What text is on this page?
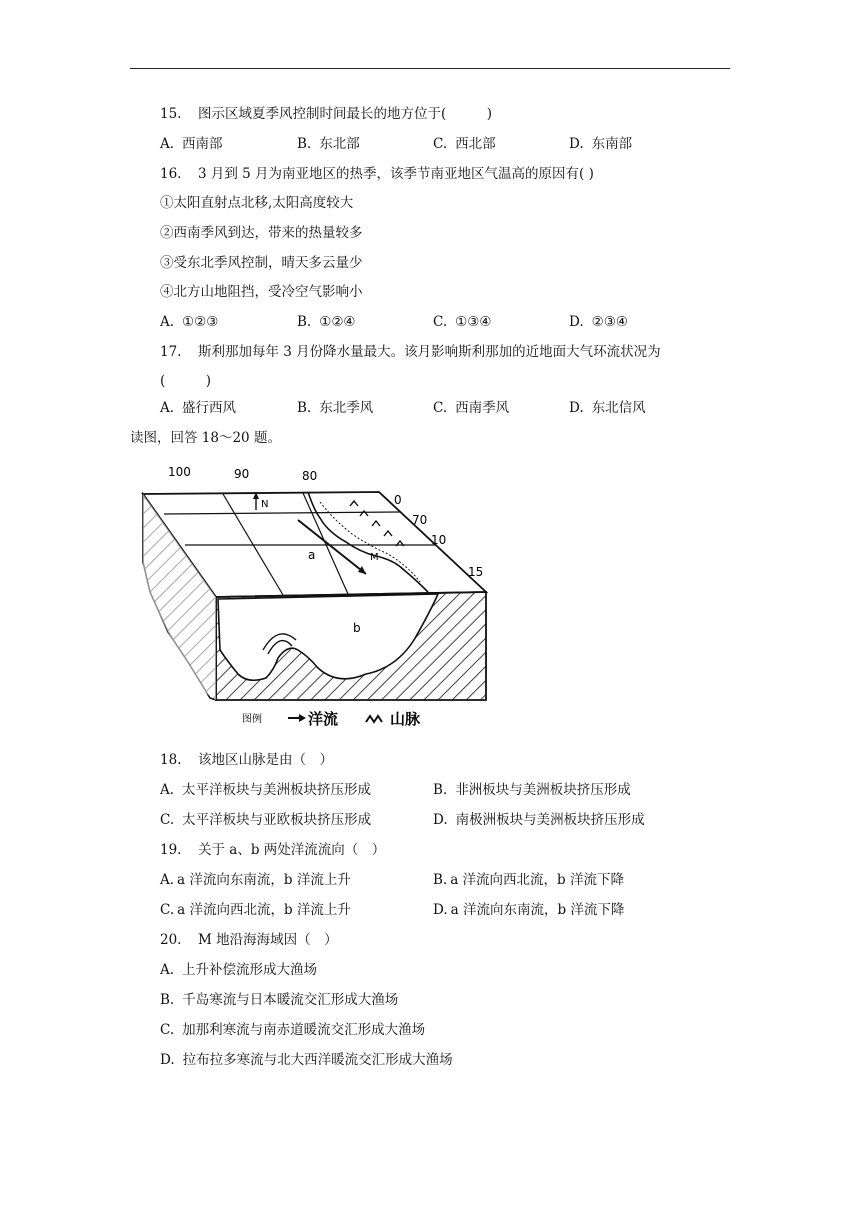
15. 图示区域夏季风控制时间最长的地方位于(　　　)
A. 西南部	B. 东北部	C. 西北部	D. 东南部
16. 3 月到 5 月为南亚地区的热季，该季节南亚地区气温高的原因有( )
①太阳直射点北移,太阳高度较大
②西南季风到达，带来的热量较多
③受东北季风控制，晴天多云量少
④北方山地阻挡，受冷空气影响小
A. ①②③	B. ①②④	C. ①③④	D. ②③④
17. 斯利那加每年 3 月份降水量最大。该月影响斯利那加的近地面大气环流状况为
(　　　)
A. 盛行西风	B. 东北季风	C. 西南季风	D. 东北信风
读图，回答 18～20 题。
N
100	90	80
0
70
10
15
a
b
M
图例	洋流	山脉
18. 该地区山脉是由（　）
A. 太平洋板块与美洲板块挤压形成	B. 非洲板块与美洲板块挤压形成
C. 太平洋板块与亚欧板块挤压形成	D. 南极洲板块与美洲板块挤压形成
19. 关于 a、b 两处洋流流向（　）
A. a 洋流向东南流，b 洋流上升	B. a 洋流向西北流，b 洋流下降
C. a 洋流向西北流，b 洋流上升	D. a 洋流向东南流，b 洋流下降
20. M 地沿海海域因（　）
A. 上升补偿流形成大渔场
B. 千岛寒流与日本暖流交汇形成大渔场
C. 加那利寒流与南赤道暖流交汇形成大渔场
D. 拉布拉多寒流与北大西洋暖流交汇形成大渔场
